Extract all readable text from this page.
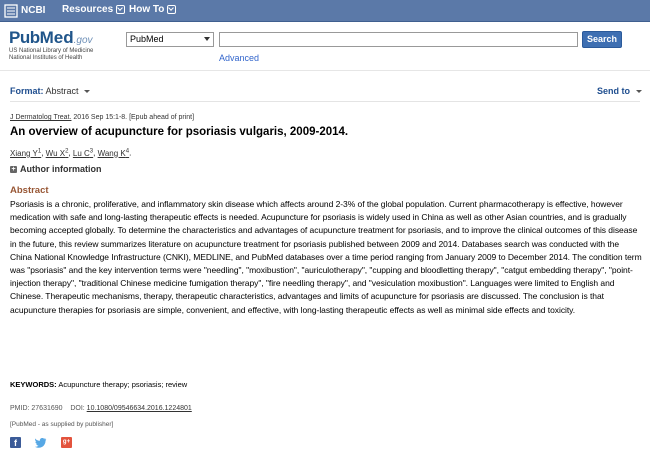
NCBI Resources How To
PubMed.gov
US National Library of Medicine
National Institutes of Health
PubMed	Search
Advanced
Format: Abstract	Send to
J Dermatolog Treat. 2016 Sep 15:1-8. [Epub ahead of print]
An overview of acupuncture for psoriasis vulgaris, 2009-2014.
Xiang $Y^1$, Wu $X^2$, Lu $C^3$, Wang $K^4$.
+ Author information
Abstract
Psoriasis is a chronic, proliferative, and inflammatory skin disease which affects around 2-3% of the global population. Current pharmacotherapy is effective, however medication with safe and long-lasting therapeutic effects is needed. Acupuncture for psoriasis is widely used in China as well as other Asian countries, and is gradually becoming accepted globally. To determine the characteristics and advantages of acupuncture treatment for psoriasis, and to improve the clinical outcomes of this disease in the future, this review summarizes literature on acupuncture treatment for psoriasis published between 2009 and 2014. Databases search was conducted with the China National Knowledge Infrastructure (CNKI), MEDLINE, and PubMed databases over a time period ranging from January 2009 to December 2014. The condition term was "psoriasis" and the key intervention terms were "needling", "moxibustion", "auriculotherapy", "cupping and bloodletting therapy", "catgut embedding therapy", "point-injection therapy", "traditional Chinese medicine fumigation therapy", "fire needling therapy", and "vesiculation moxibustion". Languages were limited to English and Chinese. Therapeutic mechanisms, therapy, therapeutic characteristics, advantages and limits of acupuncture for psoriasis are discussed. The conclusion is that acupuncture therapies for psoriasis are simple, convenient, and effective, with long-lasting therapeutic effects as well as minimal side effects and toxicity.
KEYWORDS: Acupuncture therapy; psoriasis; review
PMID: 27631690 DOI: 10.1080/09546634.2016.1224801
[PubMed - as supplied by publisher]
f	g+
